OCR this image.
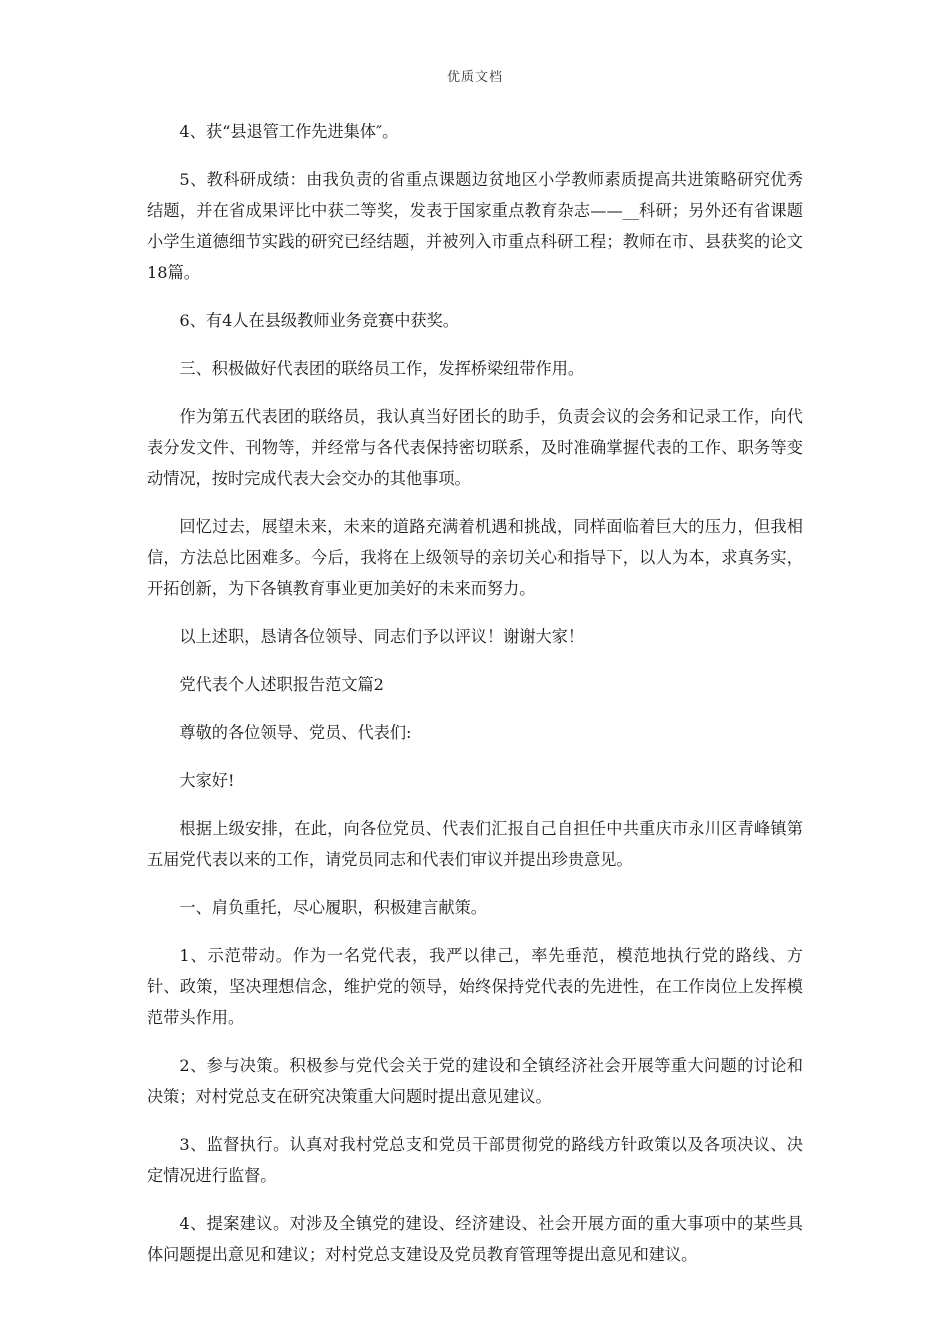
优质文档

4、获“县退管工作先进集体″。

5、教科研成绩：由我负责的省重点课题边贫地区小学教师素质提高共进策略研究优秀结题，并在省成果评比中获二等奖，发表于国家重点教育杂志——__科研；另外还有省课题小学生道德细节实践的研究已经结题，并被列入市重点科研工程；教师在市、县获奖的论文18篇。

6、有4人在县级教师业务竞赛中获奖。

三、积极做好代表团的联络员工作，发挥桥梁纽带作用。

作为第五代表团的联络员，我认真当好团长的助手，负责会议的会务和记录工作，向代表分发文件、刊物等，并经常与各代表保持密切联系，及时准确掌握代表的工作、职务等变动情况，按时完成代表大会交办的其他事项。

回忆过去，展望未来，未来的道路充满着机遇和挑战，同样面临着巨大的压力，但我相信，方法总比困难多。今后，我将在上级领导的亲切关心和指导下，以人为本，求真务实，开拓创新，为下各镇教育事业更加美好的未来而努力。

以上述职，恳请各位领导、同志们予以评议！谢谢大家！

党代表个人述职报告范文篇2

尊敬的各位领导、党员、代表们:

大家好!

根据上级安排，在此，向各位党员、代表们汇报自己自担任中共重庆市永川区青峰镇第五届党代表以来的工作，请党员同志和代表们审议并提出珍贵意见。

一、肩负重托，尽心履职，积极建言献策。

1、示范带动。作为一名党代表，我严以律己，率先垂范，模范地执行党的路线、方针、政策，坚决理想信念，维护党的领导，始终保持党代表的先进性，在工作岗位上发挥模范带头作用。

2、参与决策。积极参与党代会关于党的建设和全镇经济社会开展等重大问题的讨论和决策；对村党总支在研究决策重大问题时提出意见建议。

3、监督执行。认真对我村党总支和党员干部贯彻党的路线方针政策以及各项决议、决定情况进行监督。

4、提案建议。对涉及全镇党的建设、经济建设、社会开展方面的重大事项中的某些具体问题提出意见和建议；对村党总支建设及党员教育管理等提出意见和建议。
